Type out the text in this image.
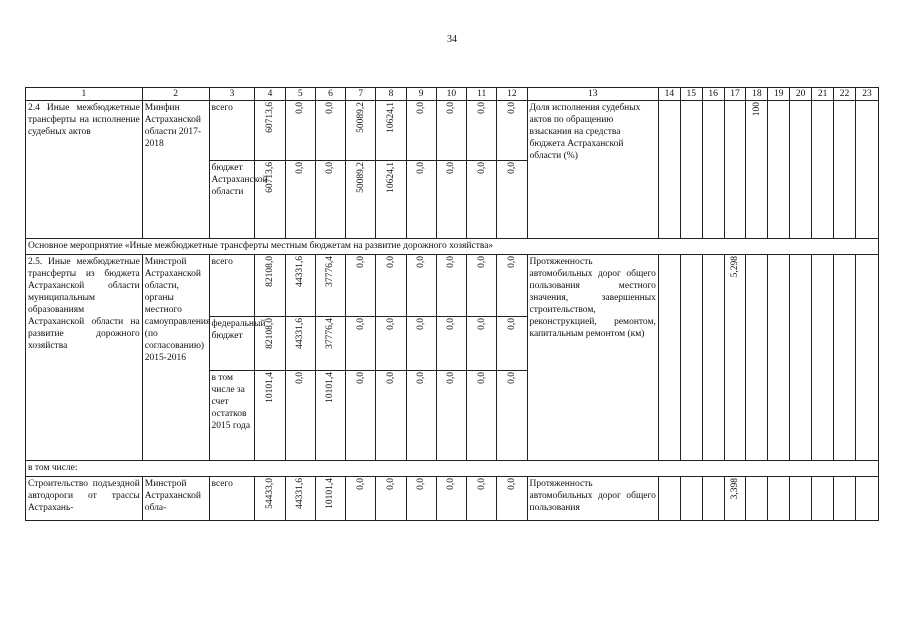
34
1	2	3	4	5	6	7	8	9	10	11	12	13	14	15	16	17	18	19	20	21	22	23
2.4 Иные межбюджетные трансферты на исполнение судебных актов	Минфин Астраханской области 2017-2018	всего	60713,6	0,0	0,0	50089,2	10624,1	0,0	0,0	0,0	0,0	Доля исполнения судебных актов по обращению взыскания на средства бюджета Астраханской области (%)					100					
		бюджет Астраханской области	60713,6	0,0	0,0	50089,2	10624,1	0,0	0,0	0,0	0,0											
Основное мероприятие «Иные межбюджетные трансферты местным бюджетам на развитие дорожного хозяйства»																						
2.5. Иные межбюджетные трансферты из бюджета Астраханской области муниципальным образованиям Астраханской области на развитие дорожного хозяйства	Минстрой Астраханской области, органы местного самоуправления (по согласованию) 2015-2016	всего	82108,0	44331,6	37776,4	0,0	0,0	0,0	0,0	0,0	0,0	Протяженность автомобильных дорог общего пользования местного значения, завершенных строительством, реконструкцией, ремонтом, капитальным ремонтом (км)				5,298						
		федеральный бюджет	82108,0	44331,6	37776,4	0,0	0,0	0,0	0,0	0,0	0,0											
		в том числе за счет остатков 2015 года	10101,4	0,0	10101,4	0,0	0,0	0,0	0,0	0,0	0,0											
в том числе:																						
Строительство подъездной автодороги от трассы Астрахань-	Минстрой Астраханской обла-	всего	54433,0	44331,6	10101,4	0,0	0,0	0,0	0,0	0,0	0,0	Протяженность автомобильных дорог общего пользования				3,398						
